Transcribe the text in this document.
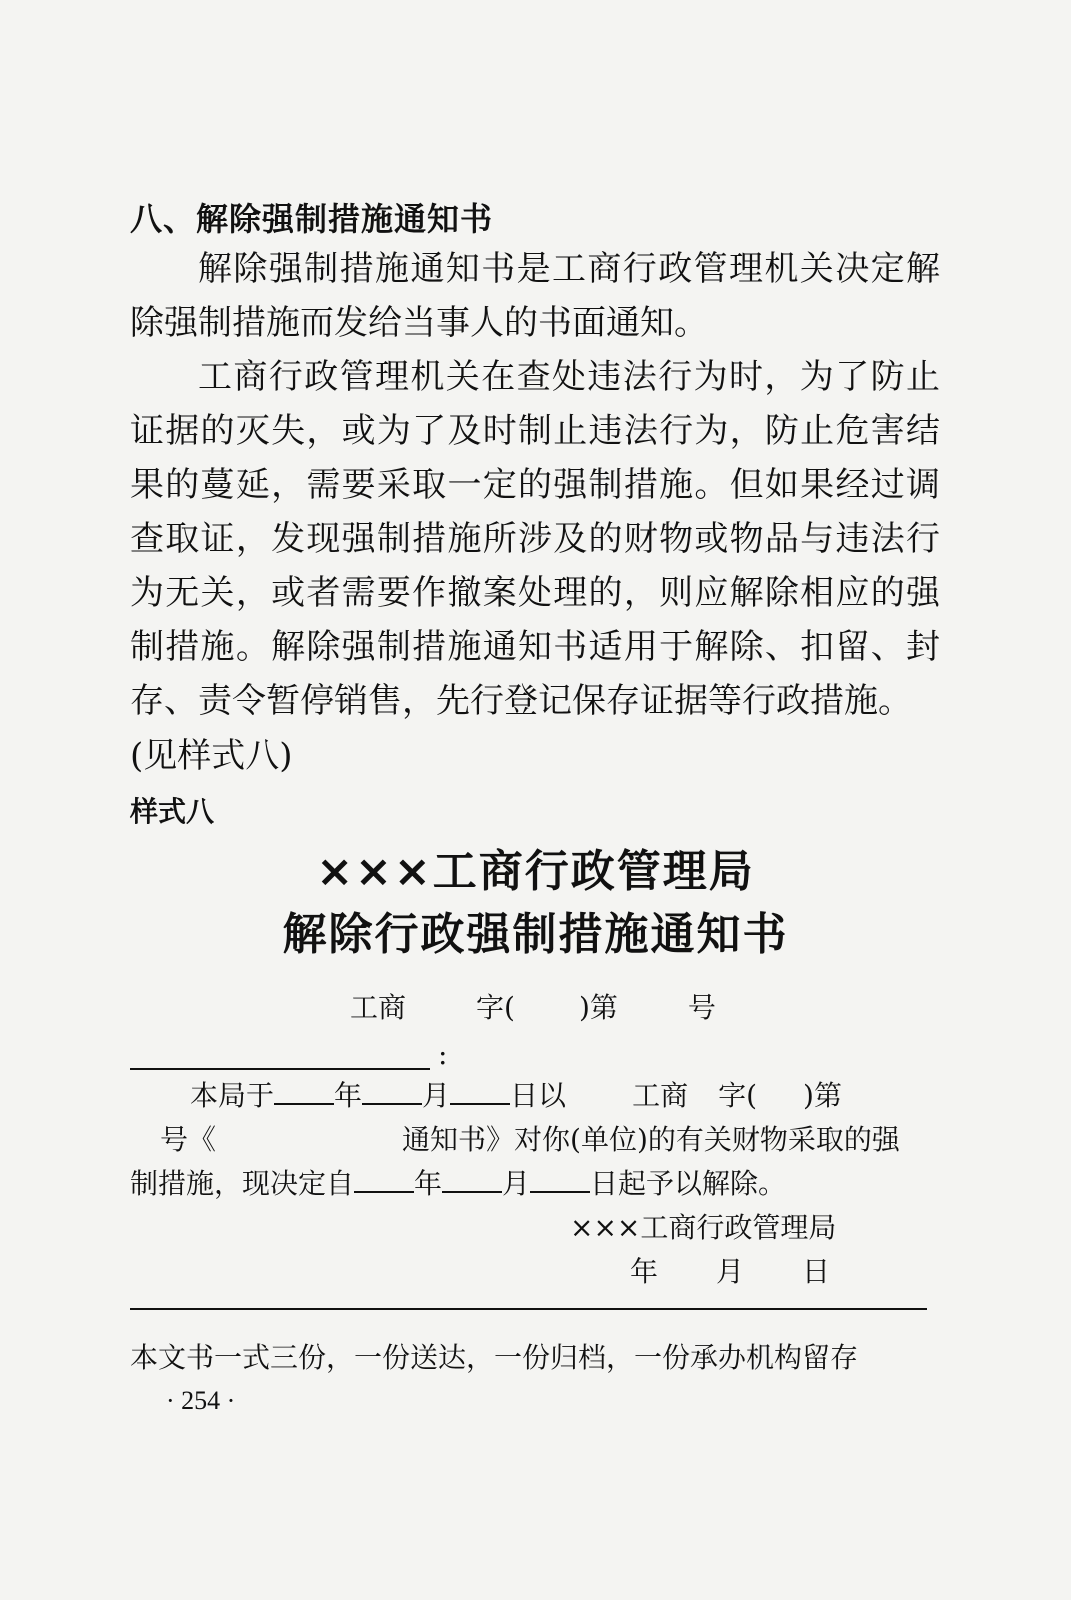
八、解除强制措施通知书
解除强制措施通知书是工商行政管理机关决定解除强制措施而发给当事人的书面通知。
工商行政管理机关在查处违法行为时，为了防止证据的灭失，或为了及时制止违法行为，防止危害结果的蔓延，需要采取一定的强制措施。但如果经过调查取证，发现强制措施所涉及的财物或物品与违法行为无关，或者需要作撤案处理的，则应解除相应的强制措施。解除强制措施通知书适用于解除、扣留、封存、责令暂停销售，先行登记保存证据等行政措施。
(见样式八)
样式八
×××工商行政管理局
解除行政强制措施通知书
工商	字( )第	号
:
本局于 年 月 日以 工商 字( )第
号《	通知书》对你(单位)的有关财物采取的强
制措施，现决定自 年 月 日起予以解除。
×××工商行政管理局
年 月 日
本文书一式三份，一份送达，一份归档，一份承办机构留存
· 254 ·
